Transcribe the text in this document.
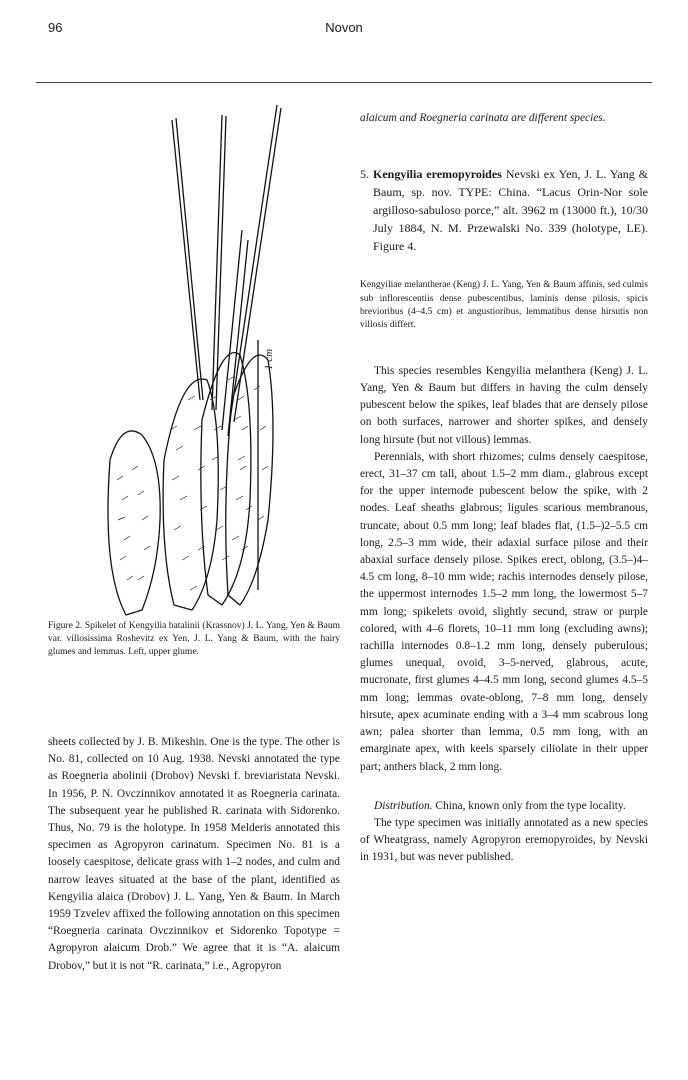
96	Novon
1 cm
Figure 2. Spikelet of Kengyilia batalinii (Krassnov) J. L. Yang, Yen & Baum var. villosissima Roshevitz ex Yen, J. L. Yang & Baum, with the hairy glumes and lemmas. Left, upper glume.

sheets collected by J. B. Mikeshin. One is the type. The other is No. 81, collected on 10 Aug. 1938. Nevski annotated the type as Roegneria abolinii (Drobov) Nevski f. breviaristata Nevski. In 1956, P. N. Ovczinnikov annotated it as Roegneria carinata. The subsequent year he published R. carinata with Sidorenko. Thus, No. 79 is the holotype. In 1958 Melderis annotated this specimen as Agropyron carinatum. Specimen No. 81 is a loosely caespitose, delicate grass with 1–2 nodes, and culm and narrow leaves situated at the base of the plant, identified as Kengyilia alaica (Drobov) J. L. Yang, Yen & Baum. In March 1959 Tzvelev affixed the following annotation on this specimen “Roegneria carinata Ovczinnikov et Sidorenko Topotype = Agropyron alaicum Drob.” We agree that it is “A. alaicum Drobov,” but it is not “R. carinata,” i.e., Agropyron

alaicum and Roegneria carinata are different species.

5. Kengyilia eremopyroides Nevski ex Yen, J. L. Yang & Baum, sp. nov. TYPE: China. “Lacus Orin-Nor sole argilloso-sabuloso porce,” alt. 3962 m (13000 ft.), 10/30 July 1884, N. M. Przewalski No. 339 (holotype, LE). Figure 4.

Kengyiliae melantherae (Keng) J. L. Yang, Yen & Baum affinis, sed culmis sub inflorescentiis dense pubescentibus, laminis dense pilosis, spicis brevioribus (4–4.5 cm) et angustioribus, lemmatibus dense hirsutis non villosis differt.

This species resembles Kengyilia melanthera (Keng) J. L. Yang, Yen & Baum but differs in having the culm densely pubescent below the spikes, leaf blades that are densely pilose on both surfaces, narrower and shorter spikes, and densely long hirsute (but not villous) lemmas.

Perennials, with short rhizomes; culms densely caespitose, erect, 31–37 cm tall, about 1.5–2 mm diam., glabrous except for the upper internode pubescent below the spike, with 2 nodes. Leaf sheaths glabrous; ligules scarious membranous, truncate, about 0.5 mm long; leaf blades flat, (1.5–)2–5.5 cm long, 2.5–3 mm wide, their adaxial surface pilose and their abaxial surface densely pilose. Spikes erect, oblong, (3.5–)4–4.5 cm long, 8–10 mm wide; rachis internodes densely pilose, the uppermost internodes 1.5–2 mm long, the lowermost 5–7 mm long; spikelets ovoid, slightly secund, straw or purple colored, with 4–6 florets, 10–11 mm long (excluding awns); rachilla internodes 0.8–1.2 mm long, densely puberulous; glumes unequal, ovoid, 3–5-nerved, glabrous, acute, mucronate, first glumes 4–4.5 mm long, second glumes 4.5–5 mm long; lemmas ovate-oblong, 7–8 mm long, densely hirsute, apex acuminate ending with a 3–4 mm scabrous long awn; palea shorter than lemma, 0.5 mm long, with an emarginate apex, with keels sparsely ciliolate in their upper part; anthers black, 2 mm long.

Distribution. China, known only from the type locality.

The type specimen was initially annotated as a new species of Wheatgrass, namely Agropyron eremopyroides, by Nevski in 1931, but was never published.
